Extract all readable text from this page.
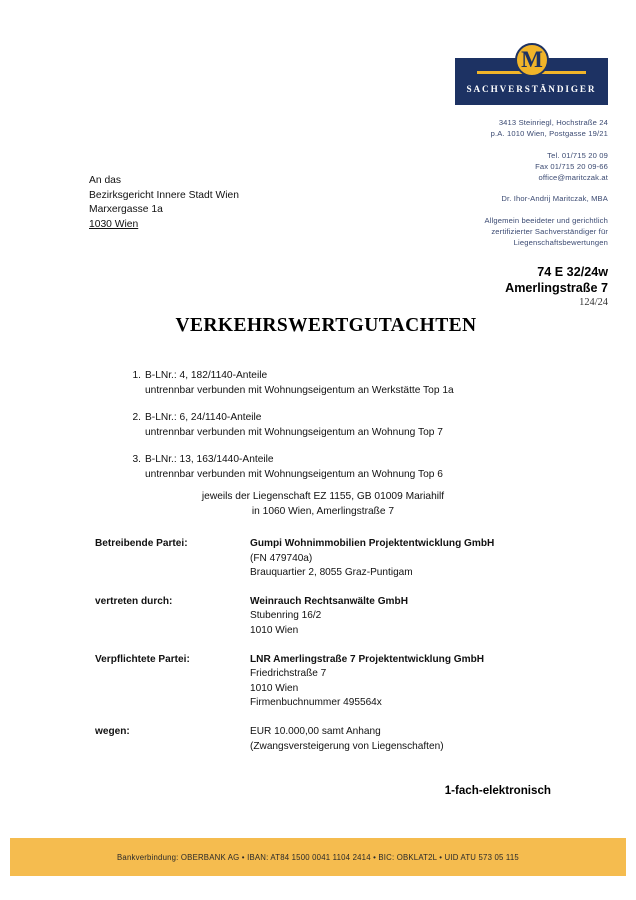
M
SACHVERSTÄNDIGER
3413 Steinriegl, Hochstraße 24
p.A. 1010 Wien, Postgasse 19/21
Tel. 01/715 20 09
Fax 01/715 20 09-66
office@maritczak.at
Dr. Ihor-Andrij Maritczak, MBA
Allgemein beeideter und gerichtlich
zertifizierter Sachverständiger für
Liegenschaftsbewertungen
An das
Bezirksgericht Innere Stadt Wien
Marxergasse 1a
1030 Wien
74 E 32/24w
Amerlingstraße 7
124/24
VERKEHRSWERTGUTACHTEN
1. B-LNr.: 4, 182/1140-Anteile
untrennbar verbunden mit Wohnungseigentum an Werkstätte Top 1a
2. B-LNr.: 6, 24/1140-Anteile
untrennbar verbunden mit Wohnungseigentum an Wohnung Top 7
3. B-LNr.: 13, 163/1440-Anteile
untrennbar verbunden mit Wohnungseigentum an Wohnung Top 6
jeweils der Liegenschaft EZ 1155, GB 01009 Mariahilf
in 1060 Wien, Amerlingstraße 7
Betreibende Partei:	Gumpi Wohnimmobilien Projektentwicklung GmbH
(FN 479740a)
Brauquartier 2, 8055 Graz-Puntigam
vertreten durch:	Weinrauch Rechtsanwälte GmbH
Stubenring 16/2
1010 Wien
Verpflichtete Partei:	LNR Amerlingstraße 7 Projektentwicklung GmbH
Friedrichstraße 7
1010 Wien
Firmenbuchnummer 495564x
wegen:	EUR 10.000,00 samt Anhang
(Zwangsversteigerung von Liegenschaften)
1-fach-elektronisch
Bankverbindung: OBERBANK AG • IBAN: AT84 1500 0041 1104 2414 • BIC: OBKLAT2L • UID ATU 573 05 115
